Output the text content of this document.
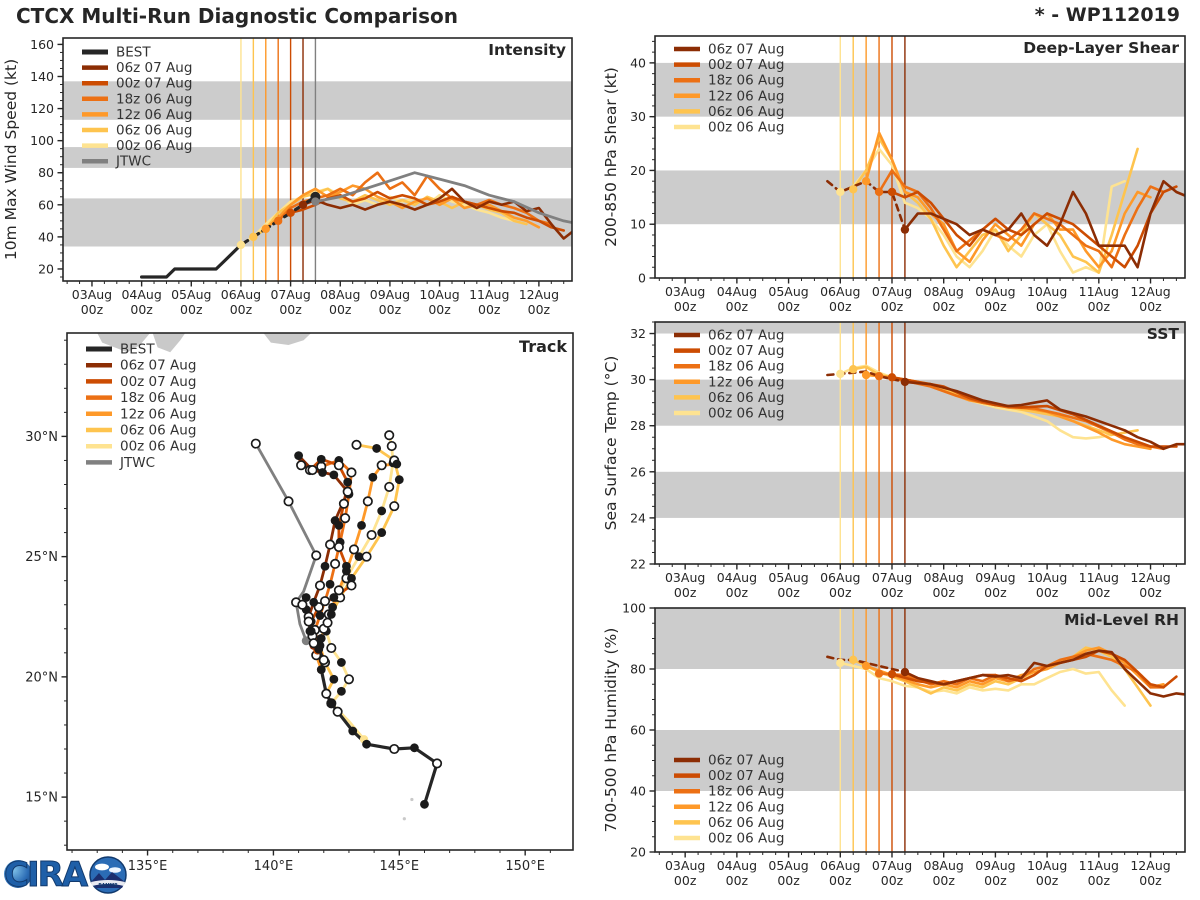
CTCX Multi-Run Diagnostic Comparison	* - WP112019
03Aug
00z
04Aug
00z
05Aug
00z
06Aug
00z
07Aug
00z
08Aug
00z
09Aug
00z
10Aug
00z
11Aug
00z
12Aug
00z
20
40
60
80
100
120
140
160	Intensity
10m Max Wind Speed (kt)
BEST
06z 07 Aug
00z 07 Aug
18z 06 Aug
12z 06 Aug
06z 06 Aug
00z 06 Aug
JTWC
03Aug
00z
04Aug
00z
05Aug
00z
06Aug
00z
07Aug
00z
08Aug
00z
09Aug
00z
10Aug
00z
11Aug
00z
12Aug
00z
0
10
20
30
40
Deep-Layer Shear
200-850 hPa Shear (kt)
06z 07 Aug
00z 07 Aug
18z 06 Aug
12z 06 Aug
06z 06 Aug
00z 06 Aug
03Aug
00z
04Aug
00z
05Aug
00z
06Aug
00z
07Aug
00z
08Aug
00z
09Aug
00z
10Aug
00z
11Aug
00z
12Aug
00z
22
24
26
28
30
32	SST
Sea Surface Temp (°C)
06z 07 Aug
00z 07 Aug
18z 06 Aug
12z 06 Aug
06z 06 Aug
00z 06 Aug
03Aug
00z
04Aug
00z
05Aug
00z
06Aug
00z
07Aug
00z
08Aug
00z
09Aug
00z
10Aug
00z
11Aug
00z
12Aug
00z
20
40
60
80
100
Mid-Level RH
700-500 hPa Humidity (%)	06z 07 Aug
00z 07 Aug
18z 06 Aug
12z 06 Aug
06z 06 Aug
00z 06 Aug
135°E	140°E	145°E	150°E
15°N
20°N
25°N
30°N
Track
BEST
06z 07 Aug
00z 07 Aug
18z 06 Aug
12z 06 Aug
06z 06 Aug
00z 06 Aug
JTWC
CIRA	RAMMB
